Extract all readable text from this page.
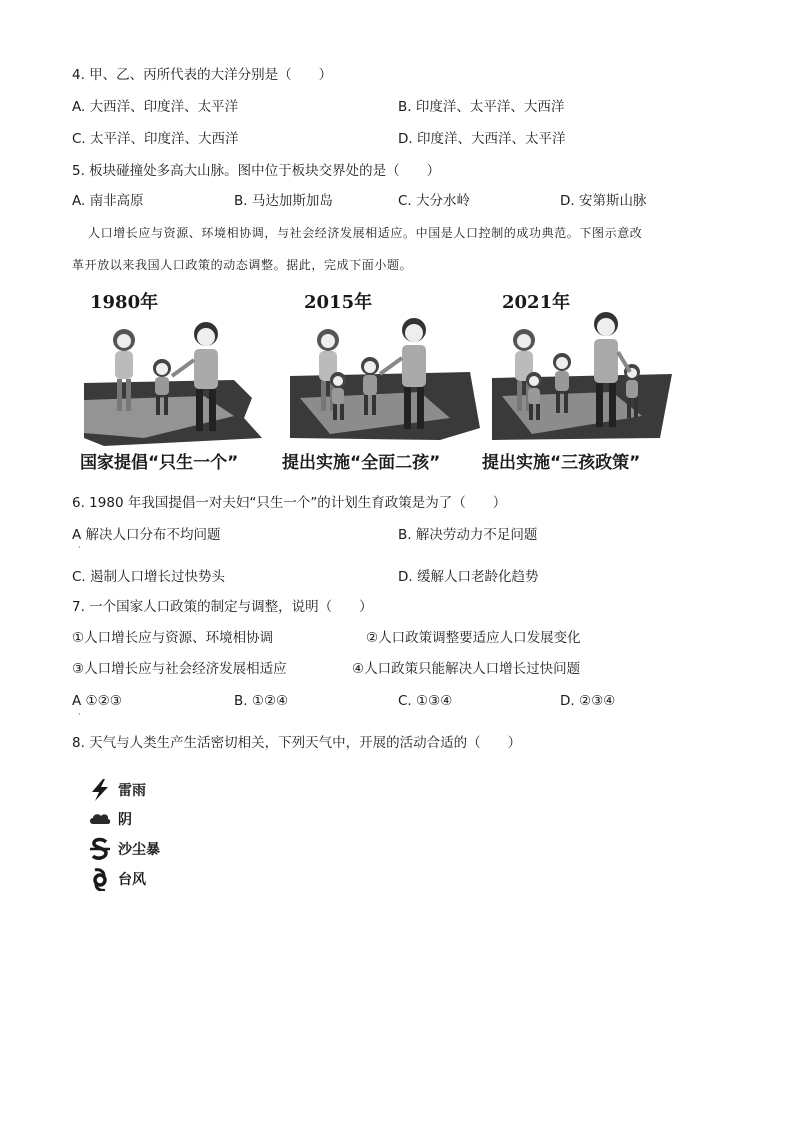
4. 甲、乙、丙所代表的大洋分别是（　　）
A. 大西洋、印度洋、太平洋	B. 印度洋、太平洋、大西洋
C. 太平洋、印度洋、大西洋	D. 印度洋、大西洋、太平洋
5. 板块碰撞处多高大山脉。图中位于板块交界处的是（　　）
A. 南非高原	B. 马达加斯加岛	C. 大分水岭	D. 安第斯山脉
人口增长应与资源、环境相协调，与社会经济发展相适应。中国是人口控制的成功典范。下图示意改
革开放以来我国人口政策的动态调整。据此，完成下面小题。
1980年	2015年	2021年
国家提倡“只生一个”	提出实施“全面二孩” 提出实施“三孩政策”
6. 1980 年我国提倡一对夫妇“只生一个”的计划生育政策是为了（　　）
A 解决人口分布不均问题	B. 解决劳动力不足问题
·
C. 遏制人口增长过快势头	D. 缓解人口老龄化趋势
7. 一个国家人口政策的制定与调整，说明（　　）
①人口增长应与资源、环境相协调	②人口政策调整要适应人口发展变化
③人口增长应与社会经济发展相适应	④人口政策只能解决人口增长过快问题
A ①②③	B. ①②④	C. ①③④	D. ②③④
·
8. 天气与人类生产生活密切相关，下列天气中，开展的活动合适的（　　）
雷雨
阴
沙尘暴
台风
